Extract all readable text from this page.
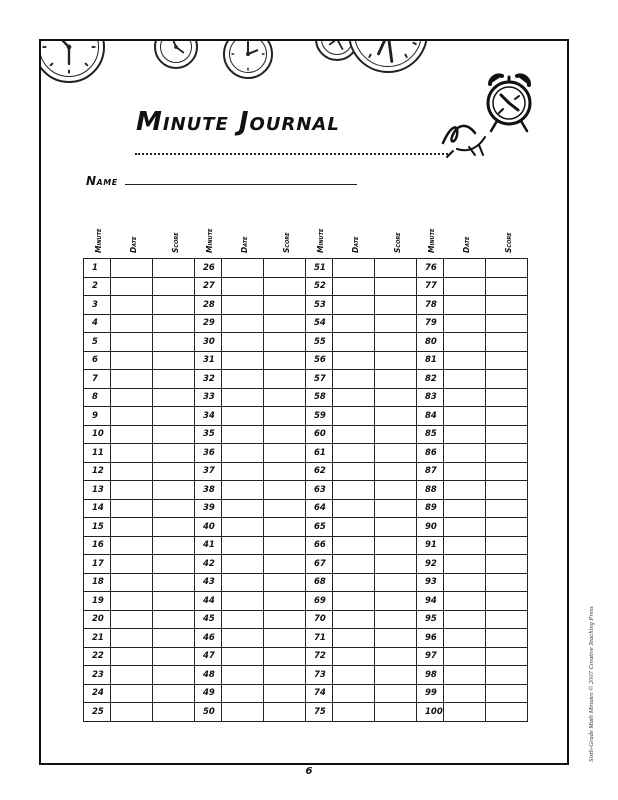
Minute Journal
Name
Minute	Date	Score	Minute	Date	Score	Minute	Date	Score	Minute	Date	Score
1			26			51			76		
2			27			52			77		
3			28			53			78		
4			29			54			79		
5			30			55			80		
6			31			56			81		
7			32			57			82		
8			33			58			83		
9			34			59			84		
10			35			60			85		
11			36			61			86		
12			37			62			87		
13			38			63			88		
14			39			64			89		
15			40			65			90		
16			41			66			91		
17			42			67			92		
18			43			68			93		
19			44			69			94		
20			45			70			95		
21			46			71			96		
22			47			72			97		
23			48			73			98		
24			49			74			99		
25			50			75			100		
6
Sixth-Grade Math Minutes © 2007 Creative Teaching Press
